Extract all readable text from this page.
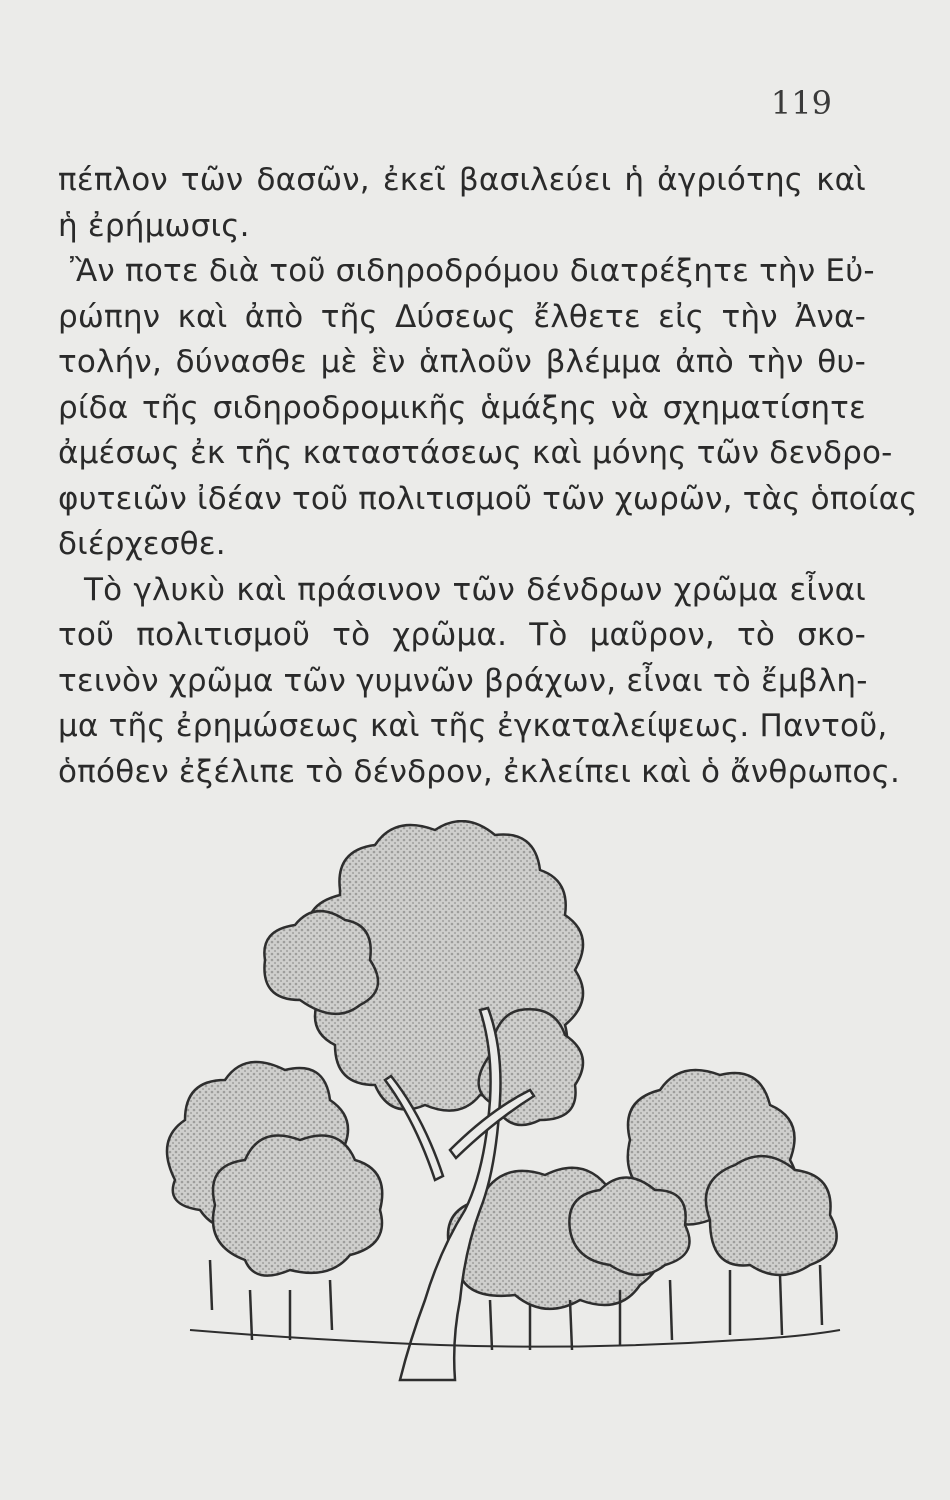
119
πέπλον τῶν δασῶν, ἐκεῖ βασιλεύει ἡ ἀγριότης καὶ
ἡ ἐρήμωσις.
Ἂν ποτε διὰ τοῦ σιδηροδρόμου διατρέξητε τὴν Εὐ-
ρώπην καὶ ἀπὸ τῆς Δύσεως ἔλθετε εἰς τὴν Ἀνα-
τολήν, δύνασθε μὲ ἓν ἁπλοῦν βλέμμα ἀπὸ τὴν θυ-
ρίδα τῆς σιδηροδρομικῆς ἁμάξης νὰ σχηματίσητε
ἀμέσως ἐκ τῆς καταστάσεως καὶ μόνης τῶν δενδρο-
φυτειῶν ἰδέαν τοῦ πολιτισμοῦ τῶν χωρῶν, τὰς ὁποίας
διέρχεσθε.
Τὸ γλυκὺ καὶ πράσινον τῶν δένδρων χρῶμα εἶναι
τοῦ πολιτισμοῦ τὸ χρῶμα. Τὸ μαῦρον, τὸ σκο-
τεινὸν χρῶμα τῶν γυμνῶν βράχων, εἶναι τὸ ἔμβλη-
μα τῆς ἐρημώσεως καὶ τῆς ἐγκαταλείψεως. Παντοῦ,
ὁπόθεν ἐξέλιπε τὸ δένδρον, ἐκλείπει καὶ ὁ ἄνθρωπος.
